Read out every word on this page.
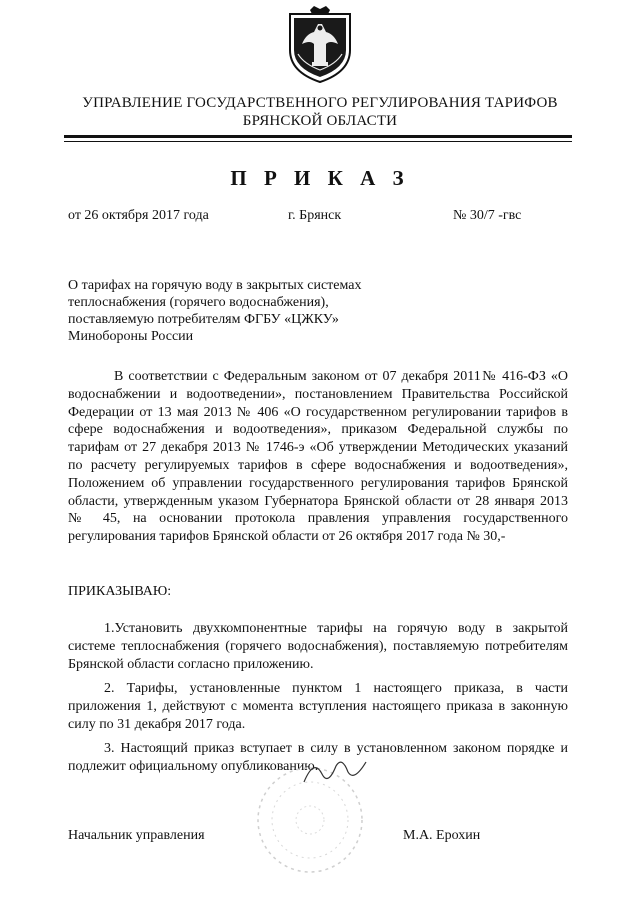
УПРАВЛЕНИЕ ГОСУДАРСТВЕННОГО РЕГУЛИРОВАНИЯ ТАРИФОВ
БРЯНСКОЙ ОБЛАСТИ
П Р И К А З
от 26 октября 2017 года	г. Брянск	№ 30/7 -гвс
О тарифах на горячую воду в закрытых системах
теплоснабжения (горячего водоснабжения),
поставляемую потребителям ФГБУ «ЦЖКУ»
Минобороны России
В соответствии с Федеральным законом от 07 декабря 2011№ 416-ФЗ «О водоснабжении и водоотведении», постановлением Правительства Российской Федерации от 13 мая 2013 № 406 «О государственном регулировании тарифов в сфере водоснабжения и водоотведения», приказом Федеральной службы по тарифам от 27 декабря 2013 № 1746-э «Об утверждении Методических указаний по расчету регулируемых тарифов в сфере водоснабжения и водоотведения», Положением об управлении государственного регулирования тарифов Брянской области, утвержденным указом Губернатора Брянской области от 28 января 2013 № 45, на основании протокола правления управления государственного регулирования тарифов Брянской области от 26 октября 2017 года № 30,-
ПРИКАЗЫВАЮ:
1.Установить двухкомпонентные тарифы на горячую воду в закрытой системе теплоснабжения (горячего водоснабжения), поставляемую потребителям Брянской области согласно приложению.
2. Тарифы, установленные пунктом 1 настоящего приказа, в части приложения 1, действуют с момента вступления настоящего приказа в законную силу по 31 декабря 2017 года.
3. Настоящий приказ вступает в силу в установленном законом порядке и подлежит официальному опубликованию.
Начальник управления	М.А. Ерохин
